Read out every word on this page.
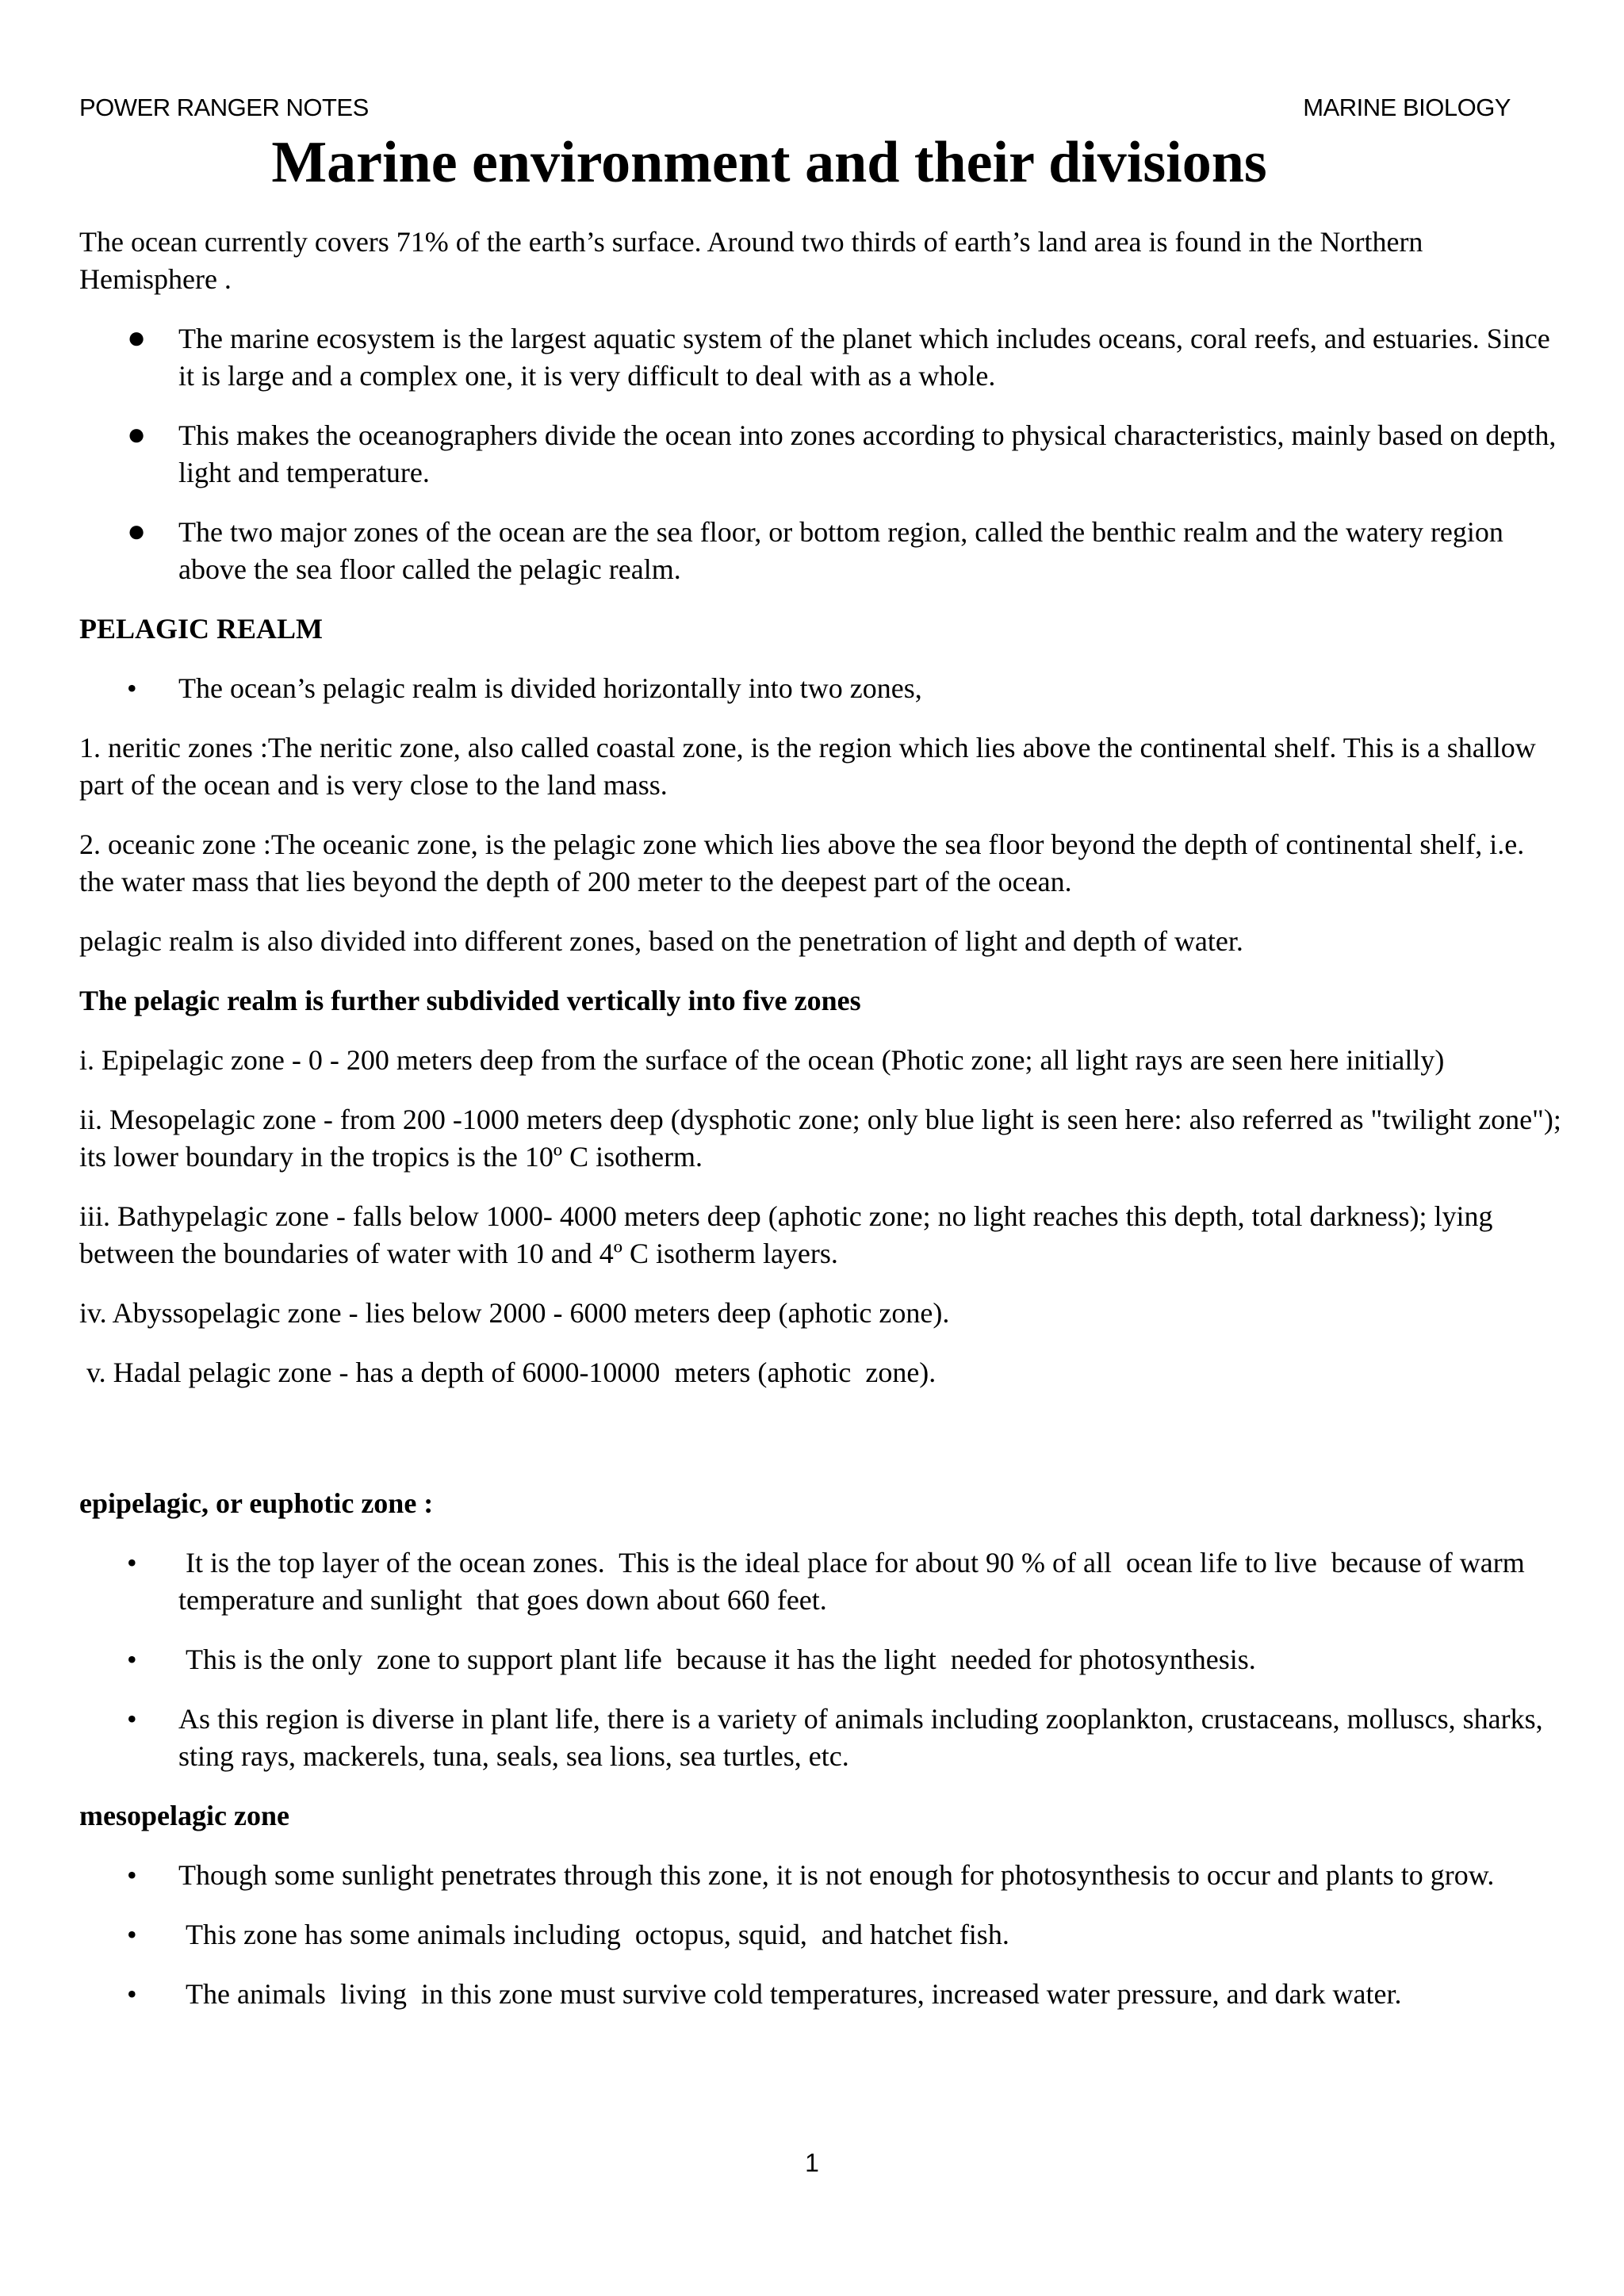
POWER RANGER NOTES	MARINE BIOLOGY
Marine environment and their divisions

The ocean currently covers 71% of the earth’s surface. Around two thirds of earth’s land area is found in the Northern Hemisphere .

● The marine ecosystem is the largest aquatic system of the planet which includes oceans, coral reefs, and estuaries. Since it is large and a complex one, it is very difficult to deal with as a whole.
● This makes the oceanographers divide the ocean into zones according to physical characteristics, mainly based on depth, light and temperature.
● The two major zones of the ocean are the sea floor, or bottom region, called the benthic realm and the watery region above the sea floor called the pelagic realm.
PELAGIC REALM
• The ocean’s pelagic realm is divided horizontally into two zones,

1. neritic zones :The neritic zone, also called coastal zone, is the region which lies above the continental shelf. This is a shallow part of the ocean and is very close to the land mass.

2. oceanic zone :The oceanic zone, is the pelagic zone which lies above the sea floor beyond the depth of continental shelf, i.e. the water mass that lies beyond the depth of 200 meter to the deepest part of the ocean.

pelagic realm is also divided into different zones, based on the penetration of light and depth of water.

The pelagic realm is further subdivided vertically into five zones

i. Epipelagic zone - 0 - 200 meters deep from the surface of the ocean (Photic zone; all light rays are seen here initially)

ii. Mesopelagic zone - from 200 -1000 meters deep (dysphotic zone; only blue light is seen here: also referred as "twilight zone"); its lower boundary in the tropics is the 10º C isotherm.

iii. Bathypelagic zone - falls below 1000- 4000 meters deep (aphotic zone; no light reaches this depth, total darkness); lying between the boundaries of water with 10 and 4º C isotherm layers.

iv. Abyssopelagic zone - lies below 2000 - 6000 meters deep (aphotic zone).

v. Hadal pelagic zone - has a depth of 6000-10000  meters (aphotic  zone).

epipelagic, or euphotic zone :
• It is the top layer of the ocean zones.  This is the ideal place for about 90 % of all  ocean life to live  because of warm temperature and sunlight  that goes down about 660 feet.
• This is the only  zone to support plant life  because it has the light  needed for photosynthesis.
• As this region is diverse in plant life, there is a variety of animals including zooplankton, crustaceans, molluscs, sharks, sting rays, mackerels, tuna, seals, sea lions, sea turtles, etc.
mesopelagic zone
• Though some sunlight penetrates through this zone, it is not enough for photosynthesis to occur and plants to grow.
• This zone has some animals including  octopus, squid,  and hatchet fish.
• The animals  living  in this zone must survive cold temperatures, increased water pressure, and dark water.
1
